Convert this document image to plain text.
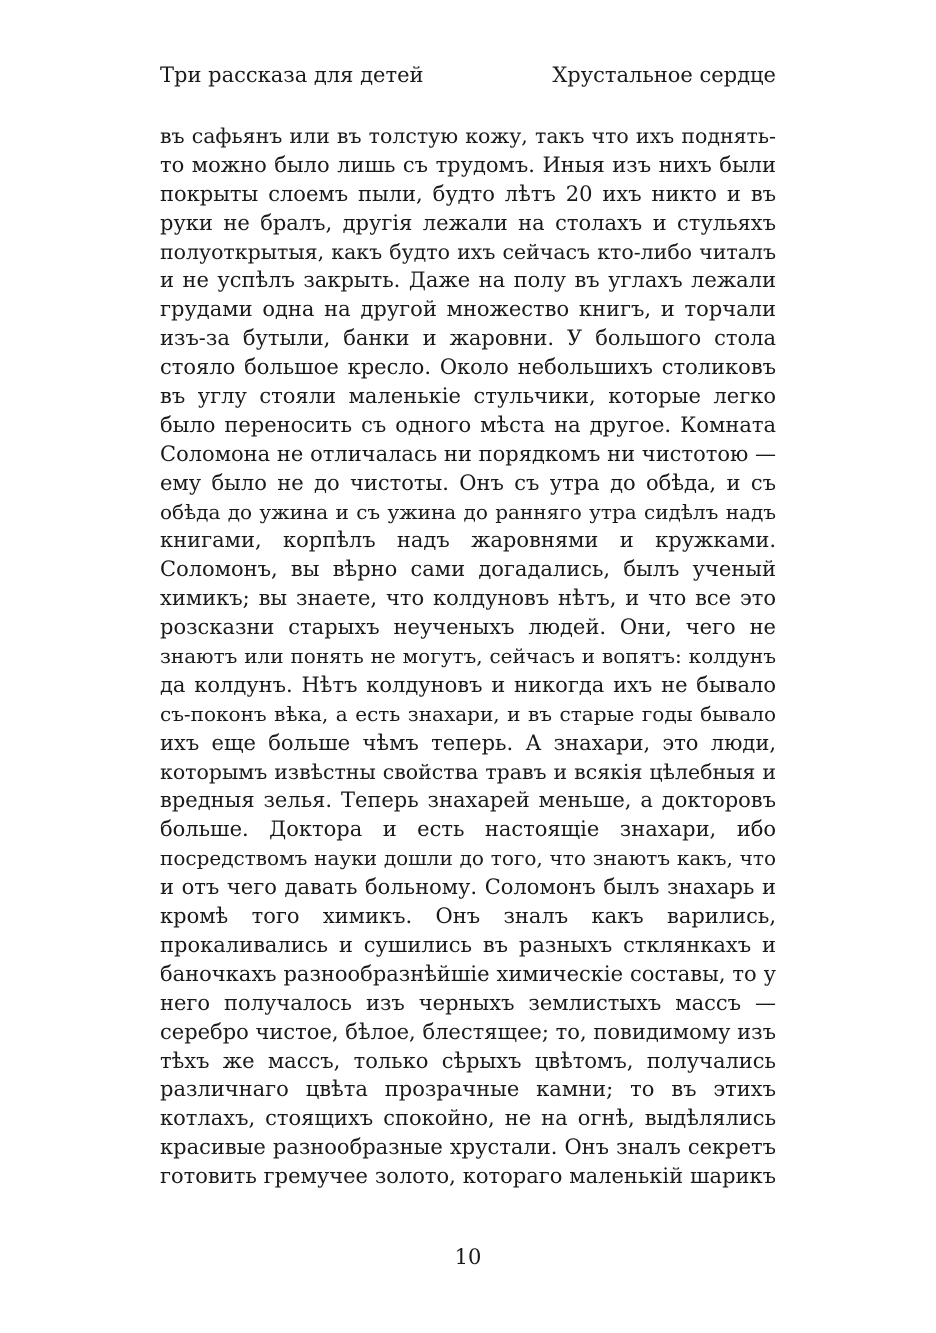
Три рассказа для детей	Хрустальное сердце
въ сафьянъ или въ толстую кожу, такъ что ихъ поднять-
то можно было лишь съ трудомъ. Иныя изъ нихъ были
покрыты слоемъ пыли, будто лѣтъ 20 ихъ никто и въ
руки не бралъ, другія лежали на столахъ и стульяхъ
полуоткрытыя, какъ будто ихъ сейчасъ кто-либо читалъ
и не успѣлъ закрыть. Даже на полу въ углахъ лежали
грудами одна на другой множество книгъ, и торчали
изъ-за бутыли, банки и жаровни. У большого стола
стояло большое кресло. Около небольшихъ столиковъ
въ углу стояли маленькіе стульчики, которые легко
было переносить съ одного мѣста на другое. Комната
Соломона не отличалась ни порядкомъ ни чистотою —
ему было не до чистоты. Онъ съ утра до обѣда, и съ
обѣда до ужина и съ ужина до ранняго утра сидѣлъ надъ
книгами, корпѣлъ надъ жаровнями и кружками.
Соломонъ, вы вѣрно сами догадались, былъ ученый
химикъ; вы знаете, что колдуновъ нѣтъ, и что все это
розсказни старыхъ неученыхъ людей. Они, чего не
знаютъ или понять не могутъ, сейчасъ и вопятъ: колдунъ
да колдунъ. Нѣтъ колдуновъ и никогда ихъ не бывало
съ-поконъ вѣка, а есть знахари, и въ старые годы бывало
ихъ еще больше чѣмъ теперь. А знахари, это люди,
которымъ извѣстны свойства травъ и всякія цѣлебныя и
вредныя зелья. Теперь знахарей меньше, а докторовъ
больше. Доктора и есть настоящіе знахари, ибо
посредствомъ науки дошли до того, что знаютъ какъ, что
и отъ чего давать больному. Соломонъ былъ знахарь и
кромѣ того химикъ. Онъ зналъ какъ варились,
прокаливались и сушились въ разныхъ стклянкахъ и
баночкахъ разнообразнѣйшіе химическіе составы, то у
него получалось изъ черныхъ землистыхъ массъ —
серебро чистое, бѣлое, блестящее; то, повидимому изъ
тѣхъ же массъ, только сѣрыхъ цвѣтомъ, получались
различнаго цвѣта прозрачные камни; то въ этихъ
котлахъ, стоящихъ спокойно, не на огнѣ, выдѣлялись
красивые разнообразные хрустали. Онъ зналъ секретъ
готовить гремучее золото, котораго маленькій шарикъ
10
